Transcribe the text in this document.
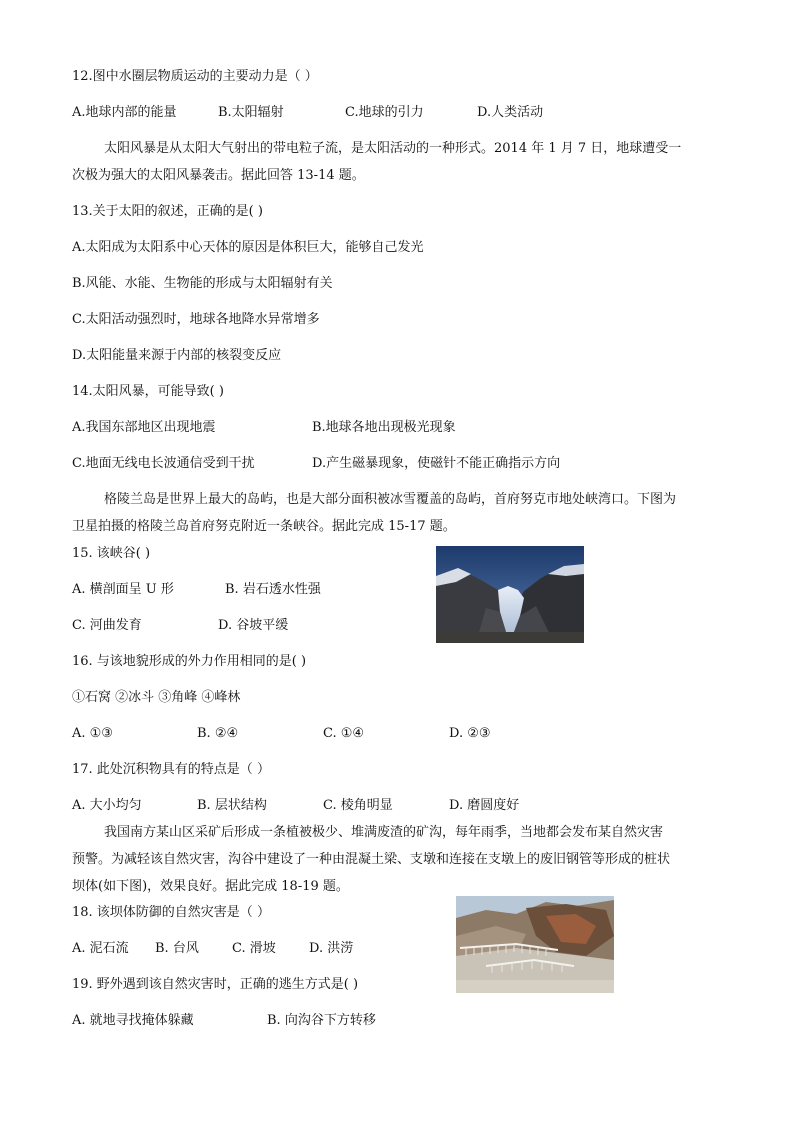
12.图中水圈层物质运动的主要动力是（ ）
A.地球内部的能量	B.太阳辐射	C.地球的引力	D.人类活动
太阳风暴是从太阳大气射出的带电粒子流，是太阳活动的一种形式。2014 年 1 月 7 日，地球遭受一
次极为强大的太阳风暴袭击。据此回答 13-14 题。
13.关于太阳的叙述，正确的是( )
A.太阳成为太阳系中心天体的原因是体积巨大，能够自己发光
B.风能、水能、生物能的形成与太阳辐射有关
C.太阳活动强烈时，地球各地降水异常增多
D.太阳能量来源于内部的核裂变反应
14.太阳风暴，可能导致( )
A.我国东部地区出现地震	B.地球各地出现极光现象
C.地面无线电长波通信受到干扰	D.产生磁暴现象，使磁针不能正确指示方向
格陵兰岛是世界上最大的岛屿，也是大部分面积被冰雪覆盖的岛屿，首府努克市地处峡湾口。下图为
卫星拍摄的格陵兰岛首府努克附近一条峡谷。据此完成 15-17 题。
15. 该峡谷( )
A. 横剖面呈 U 形	B. 岩石透水性强
C. 河曲发育	D. 谷坡平缓
16. 与该地貌形成的外力作用相同的是( )
①石窝 ②冰斗 ③角峰 ④峰林
A. ①③	B. ②④	C. ①④	D. ②③
17. 此处沉积物具有的特点是（ ）
A. 大小均匀	B. 层状结构	C. 棱角明显	D. 磨圆度好
我国南方某山区采矿后形成一条植被极少、堆满废渣的矿沟，每年雨季，当地都会发布某自然灾害
预警。为减轻该自然灾害，沟谷中建设了一种由混凝土梁、支墩和连接在支墩上的废旧钢管等形成的桩状
坝体(如下图)，效果良好。据此完成 18-19 题。
18. 该坝体防御的自然灾害是（ ）
A. 泥石流 B. 台风	C. 滑坡	D. 洪涝
19. 野外遇到该自然灾害时，正确的逃生方式是( )
A. 就地寻找掩体躲藏	B. 向沟谷下方转移
